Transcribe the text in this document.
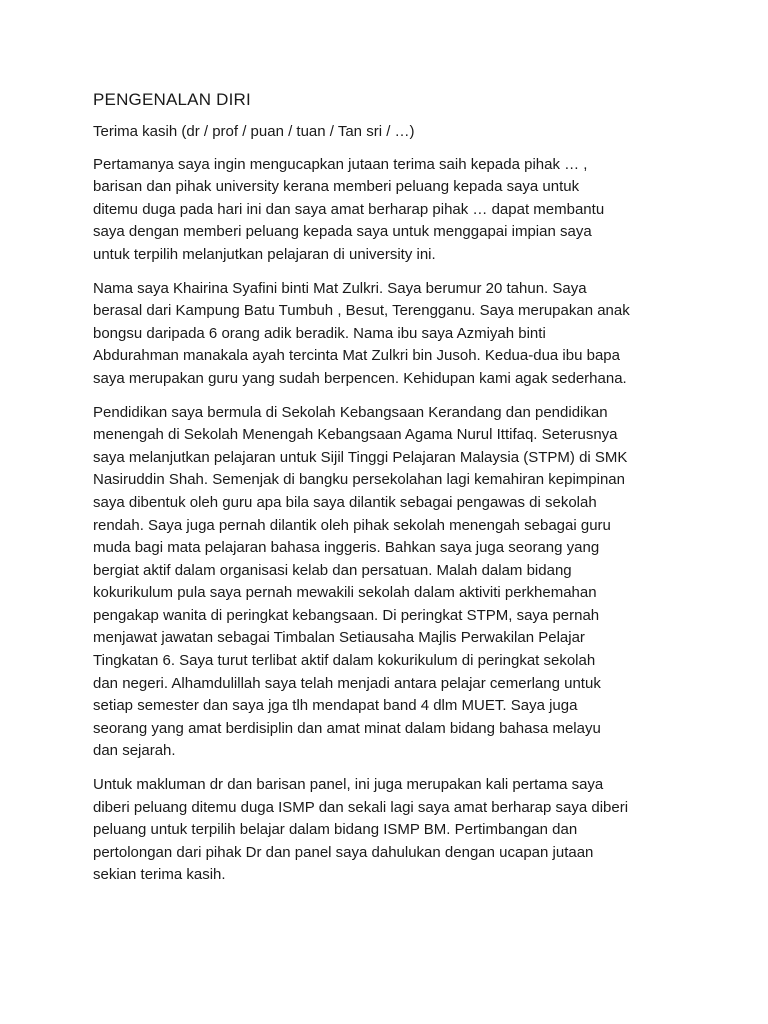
PENGENALAN DIRI

Terima kasih (dr / prof / puan / tuan / Tan sri / …)

Pertamanya saya ingin mengucapkan jutaan terima saih kepada pihak … ,
barisan dan pihak university kerana memberi peluang kepada saya untuk
ditemu duga pada hari ini dan saya amat berharap pihak … dapat membantu
saya dengan memberi peluang kepada saya untuk menggapai impian saya
untuk terpilih melanjutkan pelajaran di university ini.

Nama saya Khairina Syafini binti Mat Zulkri. Saya berumur 20 tahun. Saya
berasal dari Kampung Batu Tumbuh , Besut, Terengganu. Saya merupakan anak
bongsu daripada 6 orang adik beradik. Nama ibu saya Azmiyah binti
Abdurahman manakala ayah tercinta Mat Zulkri bin Jusoh. Kedua-dua ibu bapa
saya merupakan guru yang sudah berpencen. Kehidupan kami agak sederhana.

Pendidikan saya bermula di Sekolah Kebangsaan Kerandang dan pendidikan
menengah di Sekolah Menengah Kebangsaan Agama Nurul Ittifaq. Seterusnya
saya melanjutkan pelajaran untuk Sijil Tinggi Pelajaran Malaysia (STPM) di SMK
Nasiruddin Shah. Semenjak di bangku persekolahan lagi kemahiran kepimpinan
saya dibentuk oleh guru apa bila saya dilantik sebagai pengawas di sekolah
rendah. Saya juga pernah dilantik oleh pihak sekolah menengah sebagai guru
muda bagi mata pelajaran bahasa inggeris. Bahkan saya juga seorang yang
bergiat aktif dalam organisasi kelab dan persatuan. Malah dalam bidang
kokurikulum pula saya pernah mewakili sekolah dalam aktiviti perkhemahan
pengakap wanita di peringkat kebangsaan. Di peringkat STPM, saya pernah
menjawat jawatan sebagai Timbalan Setiausaha Majlis Perwakilan Pelajar
Tingkatan 6. Saya turut terlibat aktif dalam kokurikulum di peringkat sekolah
dan negeri. Alhamdulillah saya telah menjadi antara pelajar cemerlang untuk
setiap semester dan saya jga tlh mendapat band 4 dlm MUET. Saya juga
seorang yang amat berdisiplin dan amat minat dalam bidang bahasa melayu
dan sejarah.

Untuk makluman dr dan barisan panel, ini juga merupakan kali pertama saya
diberi peluang ditemu duga ISMP dan sekali lagi saya amat berharap saya diberi
peluang untuk terpilih belajar dalam bidang ISMP BM. Pertimbangan dan
pertolongan dari pihak Dr dan panel saya dahulukan dengan ucapan jutaan
sekian terima kasih.
